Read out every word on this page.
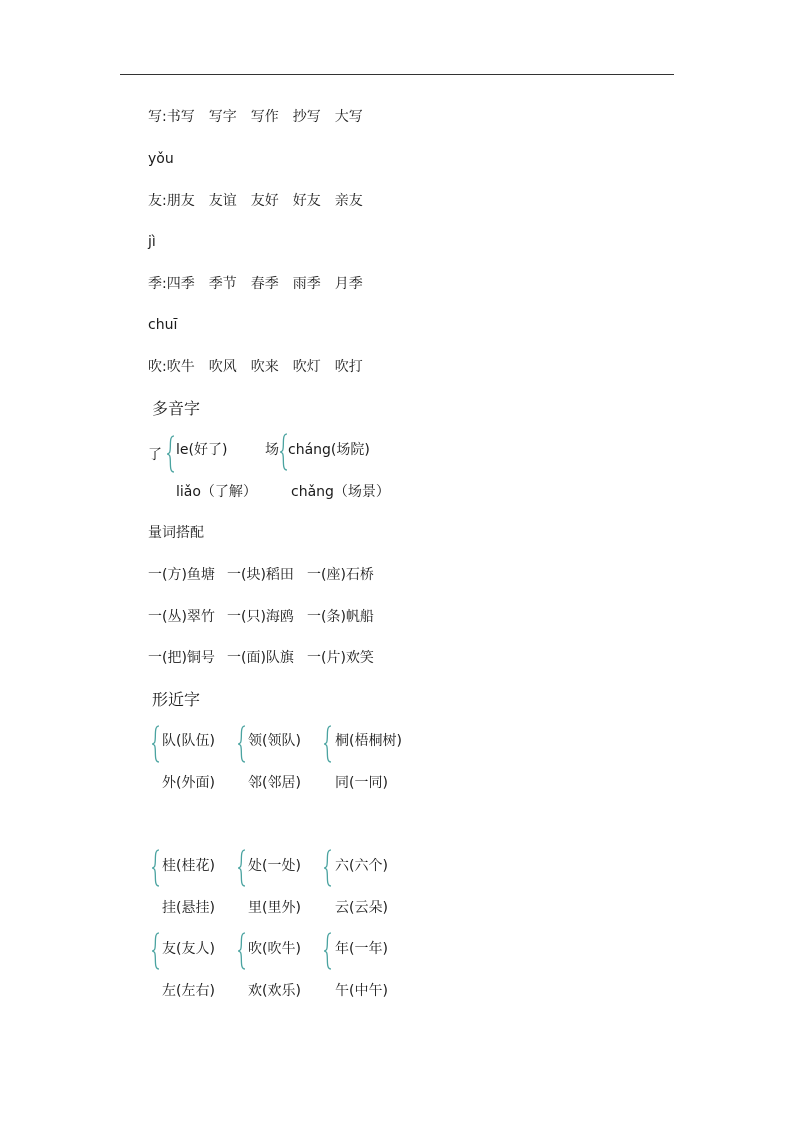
写:书写 写字 写作 抄写 大写
yǒu
友:朋友 友谊 友好 好友 亲友
jì
季:四季 季节 春季 雨季 月季
chuī
吹:吹牛 吹风 吹来 吹灯 吹打
多音字
了 le(好了)
liǎo（了解）
场 cháng(场院)
chǎng（场景）
量词搭配
一(方)鱼塘 一(块)稻田 一(座)石桥
一(丛)翠竹 一(只)海鸥 一(条)帆船
一(把)铜号 一(面)队旗 一(片)欢笑
形近字
队(队伍)
外(外面)
领(领队)
邻(邻居)
桐(梧桐树)
同(一同)
桂(桂花)
挂(悬挂)
处(一处)
里(里外)
六(六个)
云(云朵)
友(友人)
左(左右)
吹(吹牛)
欢(欢乐)
年(一年)
午(中午)
